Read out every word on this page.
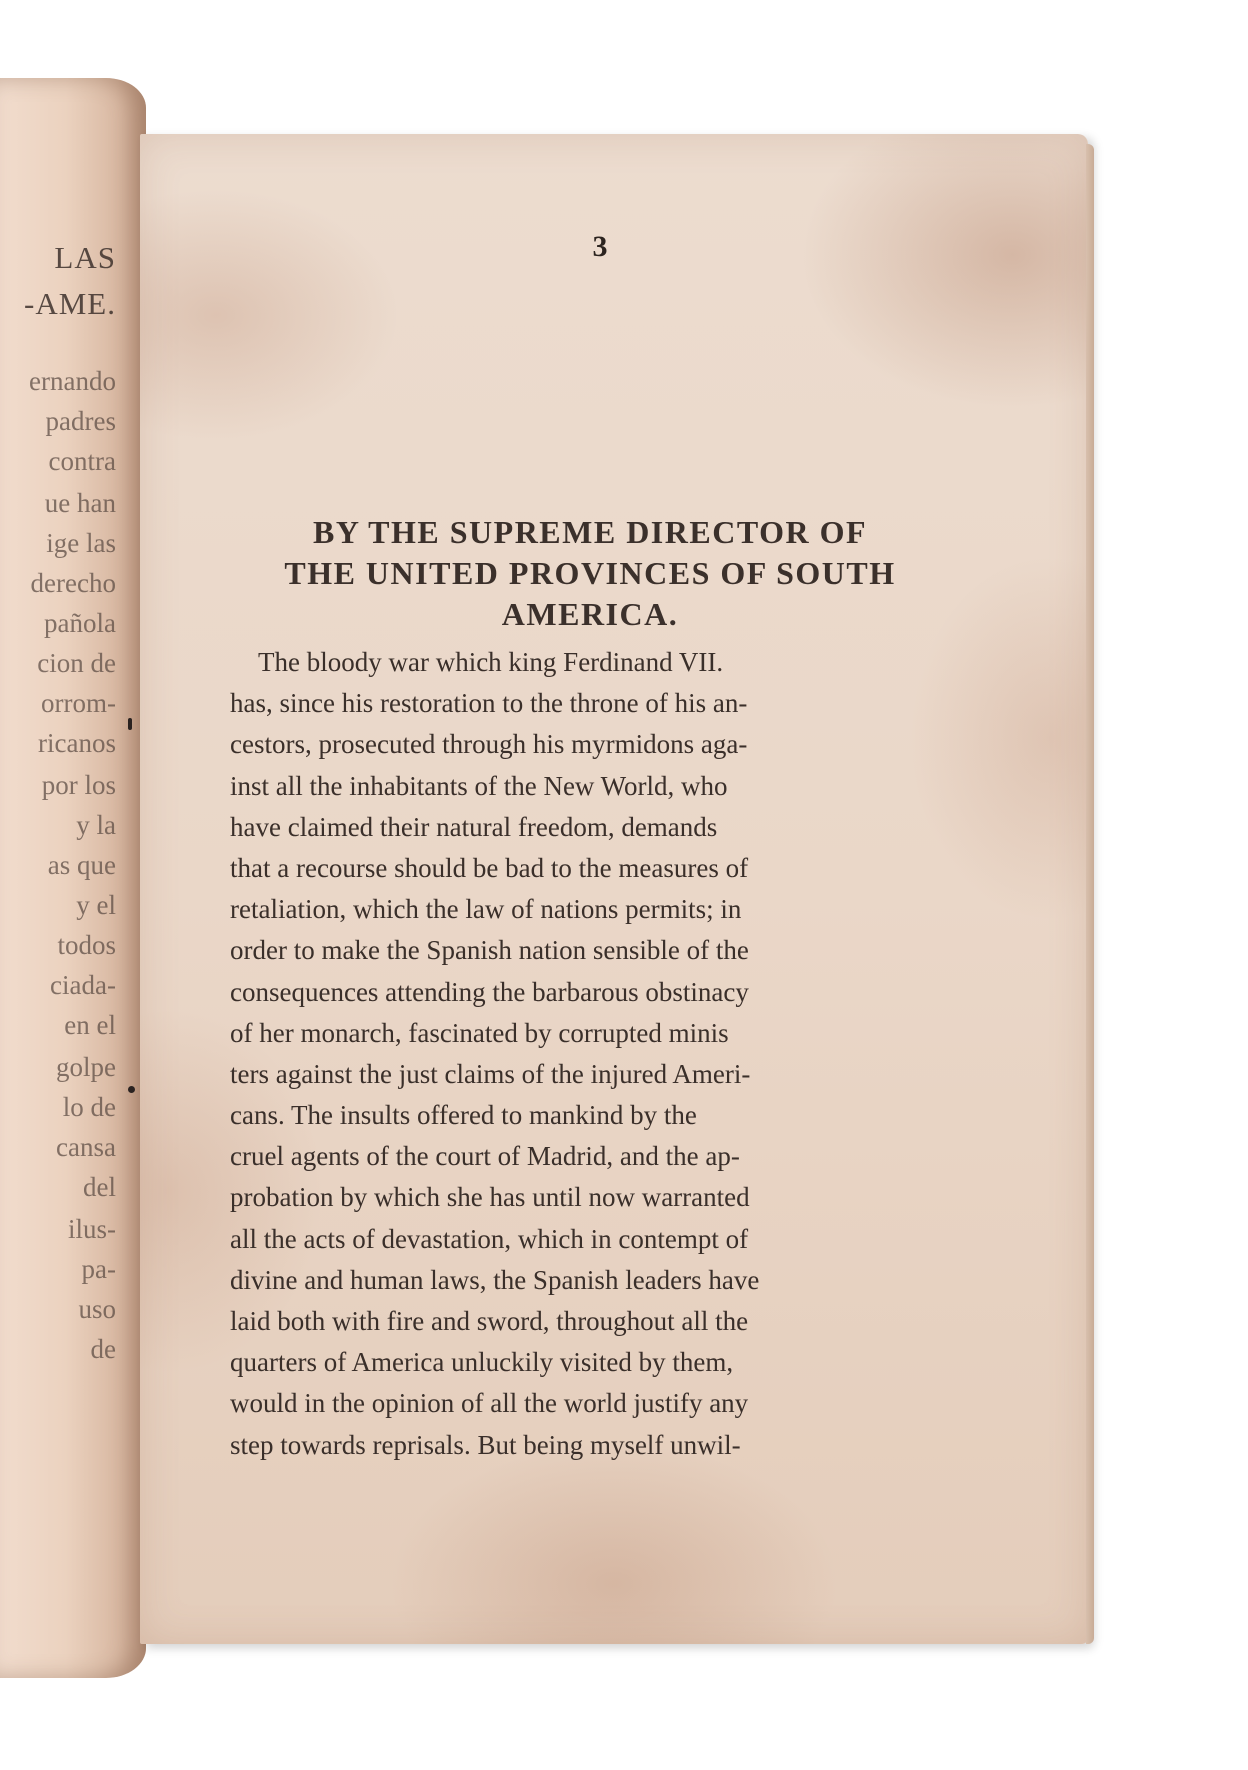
LAS
-AME.
ernando
padres
contra
ue han
ige las
derecho
pañola
cion de
orrom-
ricanos
por los
y la
as que
y el
todos
ciada-
en el
golpe
lo de
cansa
del
ilus-
pa-
uso
de
3
BY THE SUPREME DIRECTOR OF
THE UNITED PROVINCES OF SOUTH
AMERICA.
The bloody war which king Ferdinand VII.
has, since his restoration to the throne of his an-
cestors, prosecuted through his myrmidons aga-
inst all the inhabitants of the New World, who
have claimed their natural freedom, demands
that a recourse should be bad to the measures of
retaliation, which the law of nations permits; in
order to make the Spanish nation sensible of the
consequences attending the barbarous obstinacy
of her monarch, fascinated by corrupted minis
ters against the just claims of the injured Ameri-
cans. The insults offered to mankind by the
cruel agents of the court of Madrid, and the ap-
probation by which she has until now warranted
all the acts of devastation, which in contempt of
divine and human laws, the Spanish leaders have
laid both with fire and sword, throughout all the
quarters of America unluckily visited by them,
would in the opinion of all the world justify any
step towards reprisals. But being myself unwil-
